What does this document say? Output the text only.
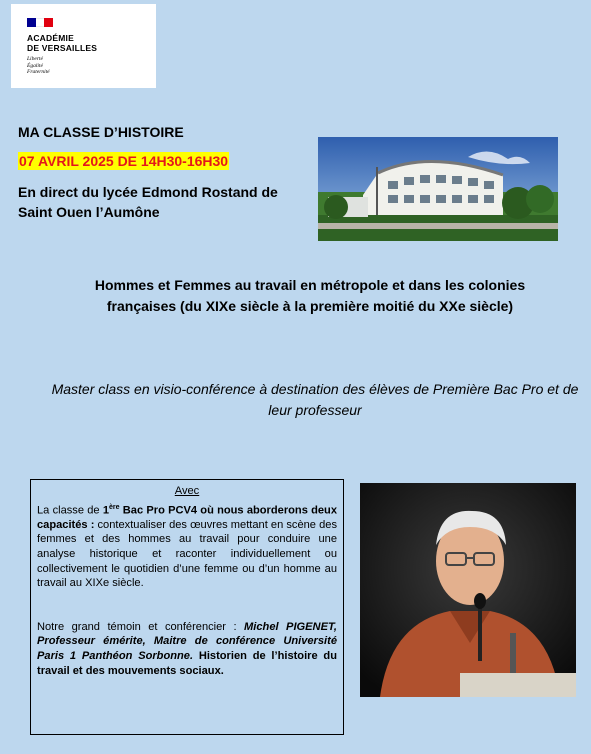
ACADÉMIE
DE VERSAILLES
Liberté
Égalité
Fraternité
MA CLASSE D’HISTOIRE
07 AVRIL 2025 DE 14H30-16H30
En direct du lycée Edmond Rostand de Saint Ouen l’Aumône
Hommes et Femmes au travail en métropole et dans les colonies françaises (du XIXe siècle à la première moitié du XXe siècle)
Master class en visio-conférence à destination des élèves de Première Bac Pro et de leur professeur
Avec

La classe de 1ère Bac Pro PCV4 où nous aborderons deux capacités : contextualiser des œuvres mettant en scène des femmes et des hommes au travail pour conduire une analyse historique et raconter individuellement ou collectivement le quotidien d’une femme ou d’un homme au travail au XIXe siècle.

Notre grand témoin et conférencier : Michel PIGENET, Professeur émérite, Maitre de conférence Université Paris 1 Panthéon Sorbonne. Historien de l’histoire du travail et des mouvements sociaux.
